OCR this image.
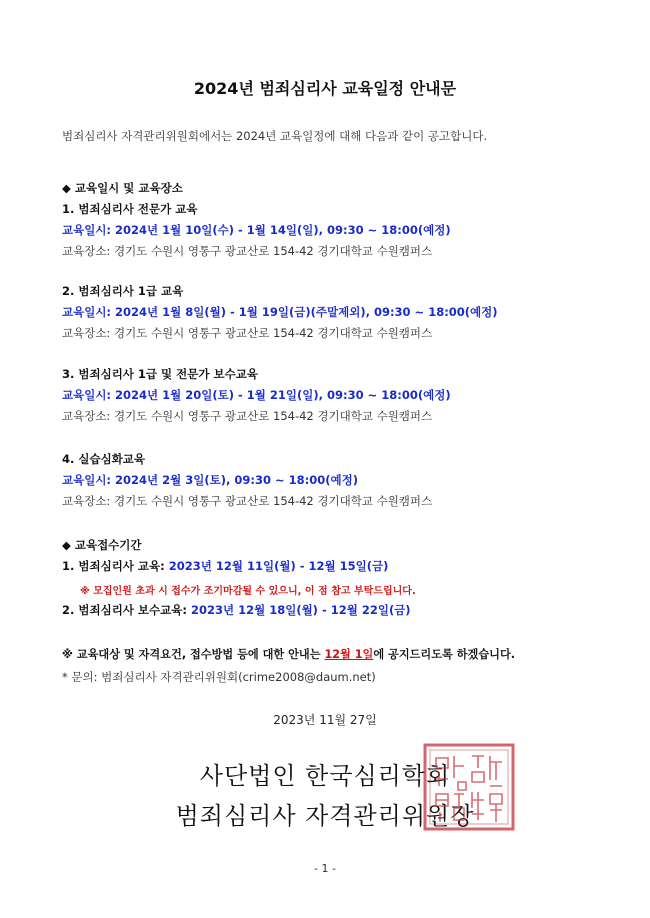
2024년 범죄심리사 교육일정 안내문
범죄심리사 자격관리위원회에서는 2024년 교육일정에 대해 다음과 같이 공고합니다.
◆ 교육일시 및 교육장소
1. 범죄심리사 전문가 교육
교육일시: 2024년 1월 10일(수) - 1월 14일(일), 09:30 ~ 18:00(예정)
교육장소: 경기도 수원시 영통구 광교산로 154-42 경기대학교 수원캠퍼스
2. 범죄심리사 1급 교육
교육일시: 2024년 1월 8일(월) - 1월 19일(금)(주말제외), 09:30 ~ 18:00(예정)
교육장소: 경기도 수원시 영통구 광교산로 154-42 경기대학교 수원캠퍼스
3. 범죄심리사 1급 및 전문가 보수교육
교육일시: 2024년 1월 20일(토) - 1월 21일(일), 09:30 ~ 18:00(예정)
교육장소: 경기도 수원시 영통구 광교산로 154-42 경기대학교 수원캠퍼스
4. 실습심화교육
교육일시: 2024년 2월 3일(토), 09:30 ~ 18:00(예정)
교육장소: 경기도 수원시 영통구 광교산로 154-42 경기대학교 수원캠퍼스
◆ 교육접수기간
1. 범죄심리사 교육: 2023년 12월 11일(월) - 12월 15일(금)
※ 모집인원 초과 시 접수가 조기마감될 수 있으니, 이 점 참고 부탁드립니다.
2. 범죄심리사 보수교육: 2023년 12월 18일(월) - 12월 22일(금)
※ 교육대상 및 자격요건, 접수방법 등에 대한 안내는 12월 1일에 공지드리도록 하겠습니다.
* 문의: 범죄심리사 자격관리위원회(crime2008@daum.net)
2023년 11월 27일
사단법인 한국심리학회
범죄심리사 자격관리위원장
- 1 -
